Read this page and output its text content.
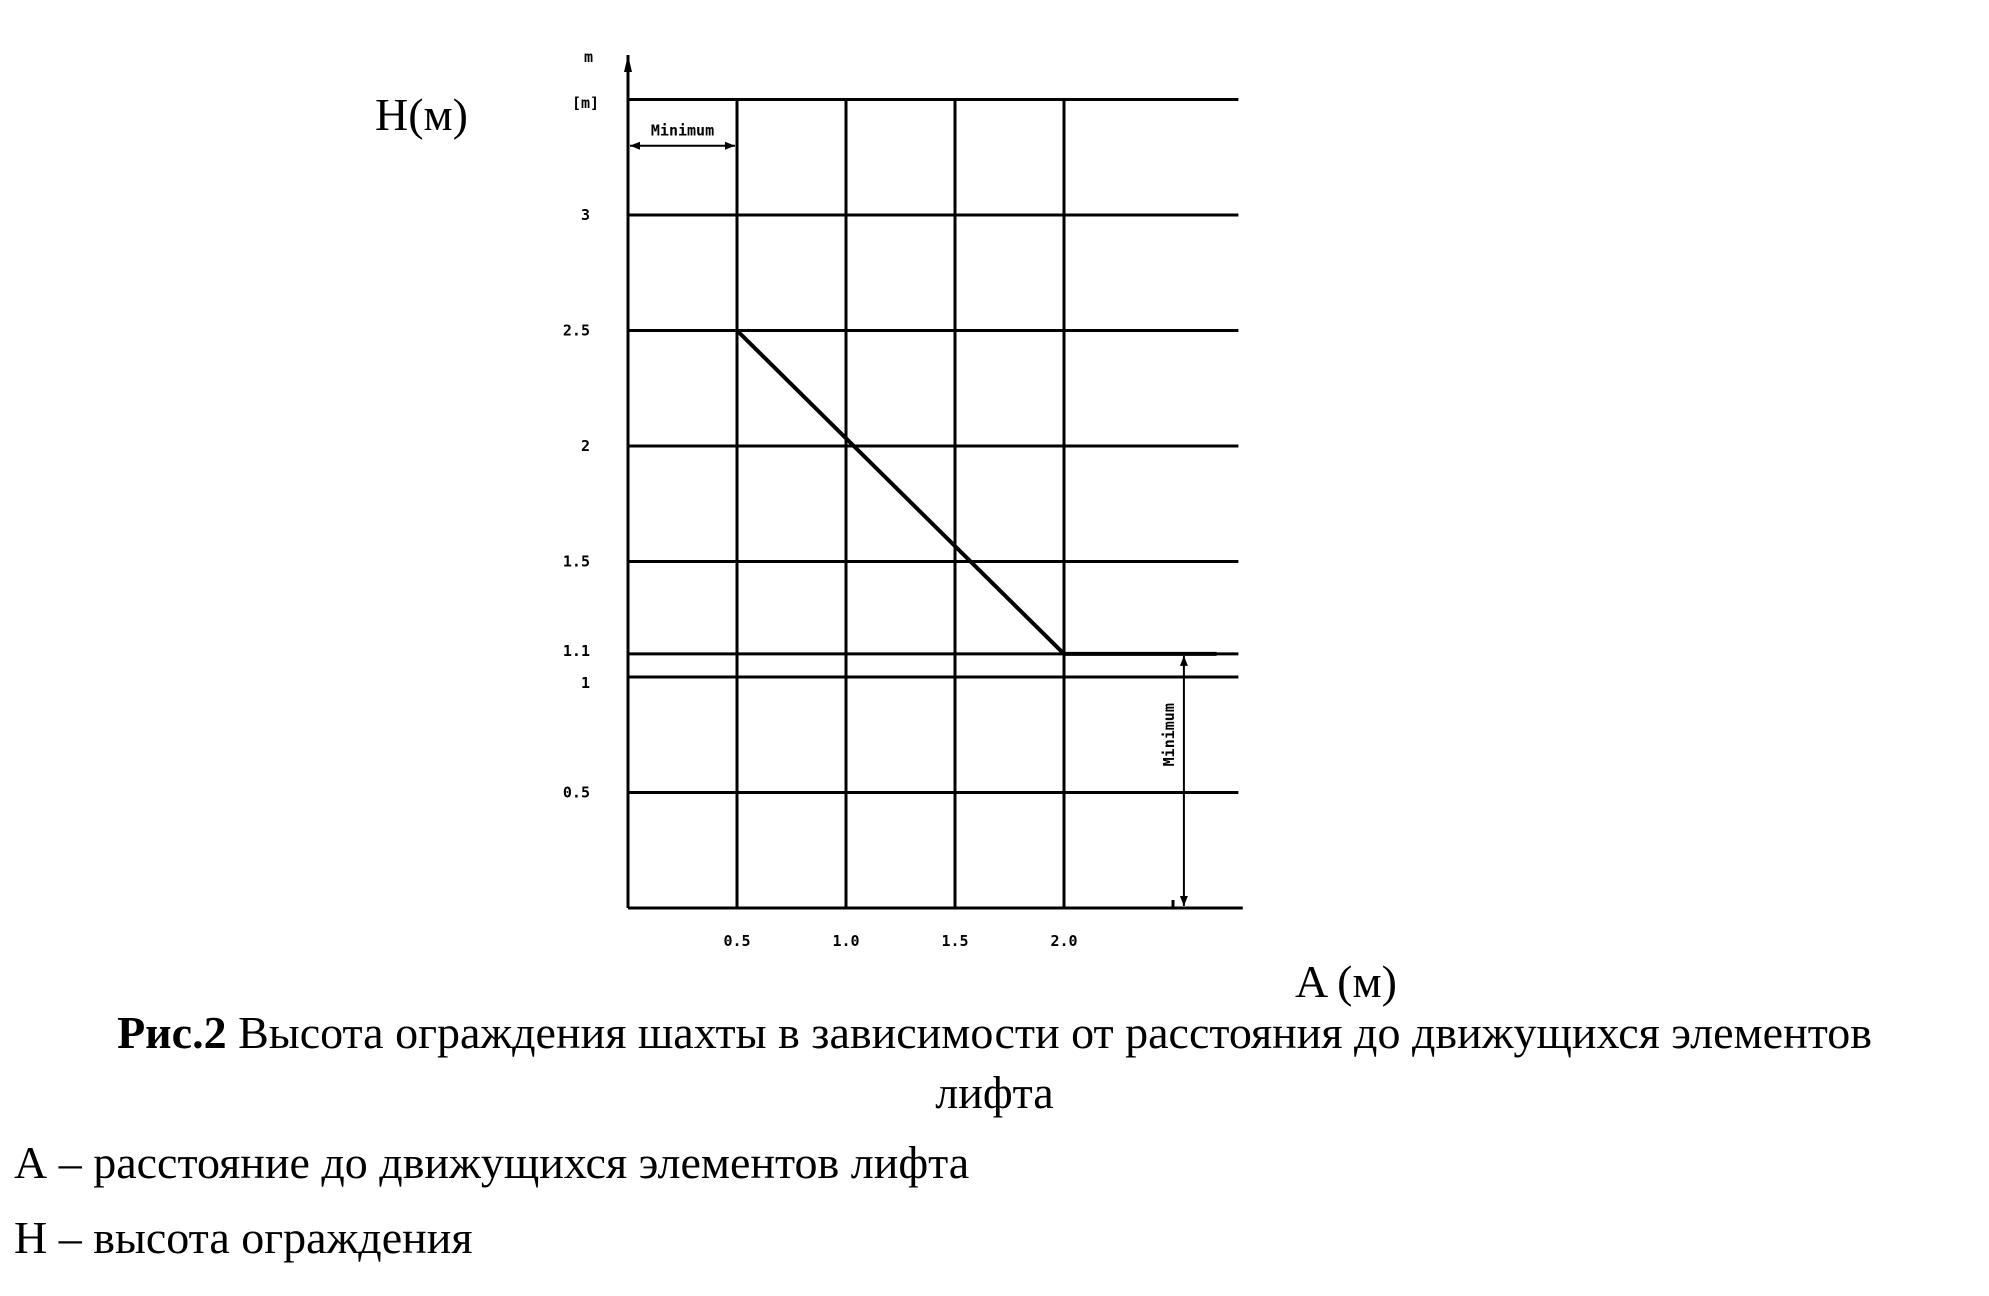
Minimum
Minimum
0.5	1.0	1.5	2.0
0.5
1
1.1
1.5
2
2.5
3
H(м)
m
[m]
A (м)
Рис.2 Высота ограждения шахты в зависимости от расстояния до движущихся элементов
лифта
А – расстояние до движущихся элементов лифта
Н – высота ограждения
